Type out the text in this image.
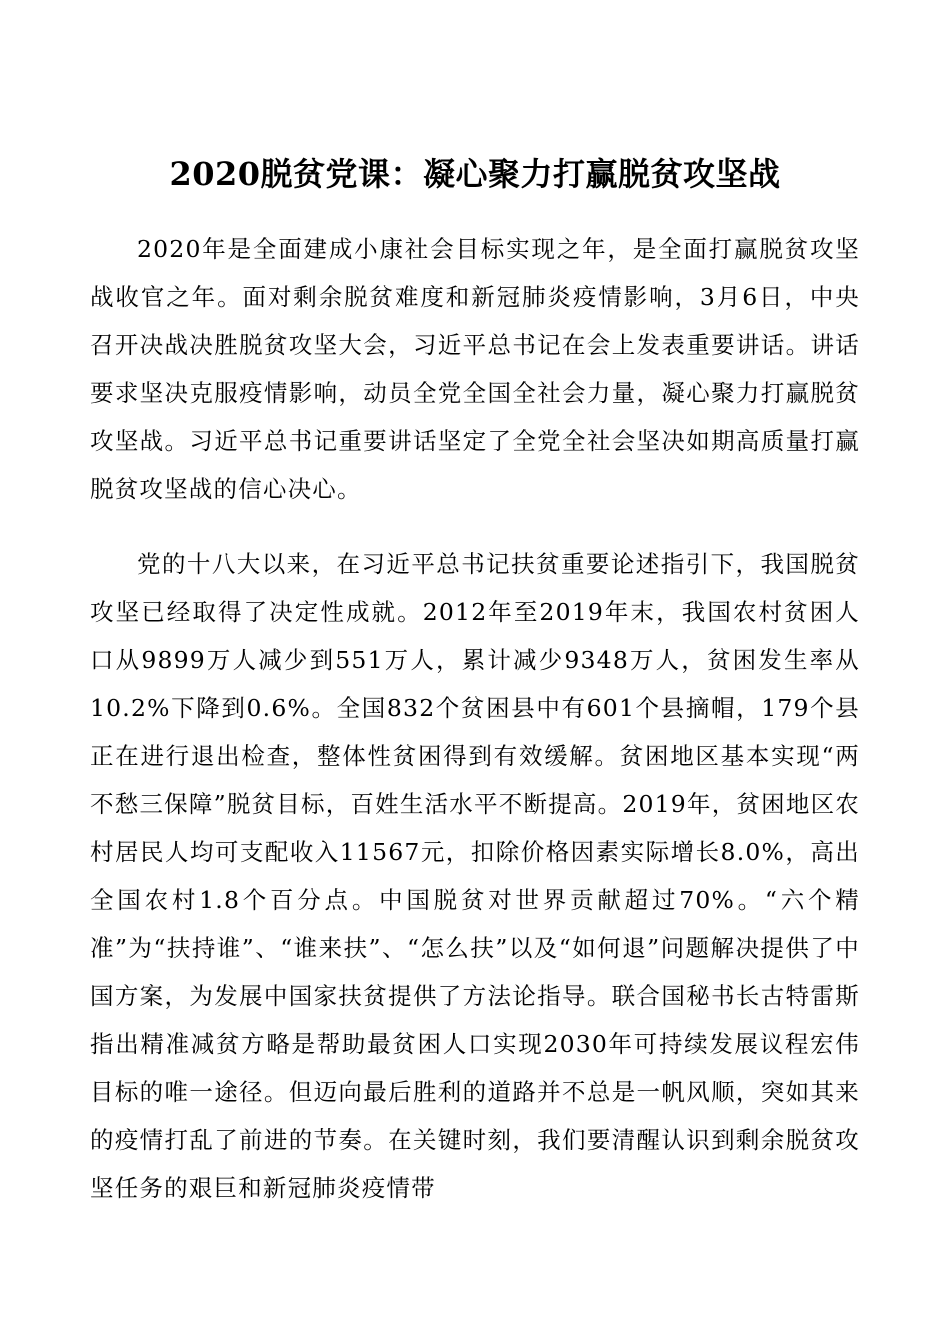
2020脱贫党课：凝心聚力打赢脱贫攻坚战

2020年是全面建成小康社会目标实现之年，是全面打赢脱贫攻坚战收官之年。面对剩余脱贫难度和新冠肺炎疫情影响，3月6日，中央召开决战决胜脱贫攻坚大会，习近平总书记在会上发表重要讲话。讲话要求坚决克服疫情影响，动员全党全国全社会力量，凝心聚力打赢脱贫攻坚战。习近平总书记重要讲话坚定了全党全社会坚决如期高质量打赢脱贫攻坚战的信心决心。

党的十八大以来，在习近平总书记扶贫重要论述指引下，我国脱贫攻坚已经取得了决定性成就。2012年至2019年末，我国农村贫困人口从9899万人减少到551万人，累计减少9348万人，贫困发生率从10.2%下降到0.6%。全国832个贫困县中有601个县摘帽，179个县正在进行退出检查，整体性贫困得到有效缓解。贫困地区基本实现“两不愁三保障”脱贫目标，百姓生活水平不断提高。2019年，贫困地区农村居民人均可支配收入11567元，扣除价格因素实际增长8.0%，高出全国农村1.8个百分点。中国脱贫对世界贡献超过70%。“六个精准”为“扶持谁”、“谁来扶”、“怎么扶”以及“如何退”问题解决提供了中国方案，为发展中国家扶贫提供了方法论指导。联合国秘书长古特雷斯指出精准减贫方略是帮助最贫困人口实现2030年可持续发展议程宏伟目标的唯一途径。但迈向最后胜利的道路并不总是一帆风顺，突如其来的疫情打乱了前进的节奏。在关键时刻，我们要清醒认识到剩余脱贫攻坚任务的艰巨和新冠肺炎疫情带
